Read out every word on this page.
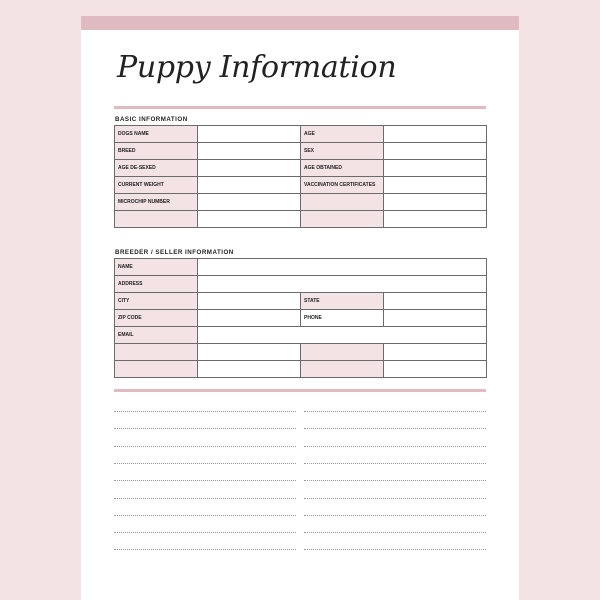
Puppy Information
BASIC INFORMATION
DOGS NAME		AGE	
BREED		SEX	
AGE DE-SEXED		AGE OBTAINED	
CURRENT WEIGHT		VACCINATION CERTIFICATES	
MICROCHIP NUMBER			

BREEDER / SELLER INFORMATION
NAME			
ADDRESS			
CITY		STATE	
ZIP CODE		PHONE	
EMAIL			
